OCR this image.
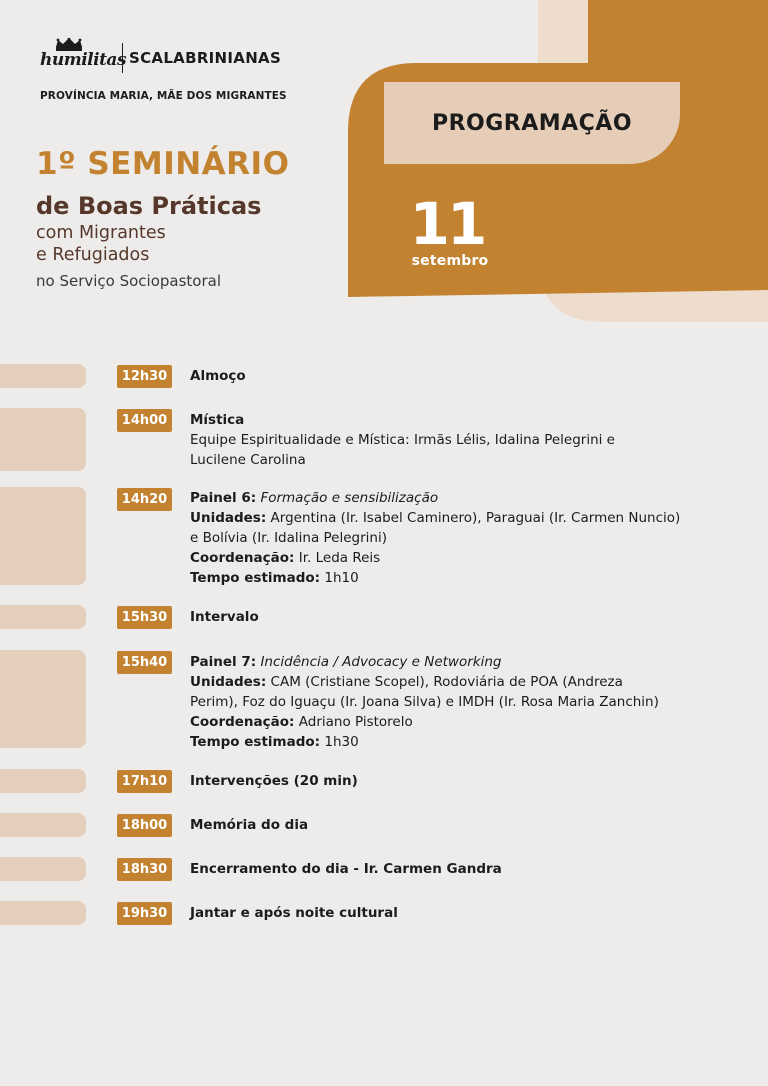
PROGRAMAÇÃO
11
setembro
humilitas SCALABRINIANAS
PROVÍNCIA MARIA, MÃE DOS MIGRANTES
1º SEMINÁRIO
de Boas Práticas
com Migrantes
e Refugiados
no Serviço Sociopastoral
12h30	Almoço
14h00	Mística
Equipe Espiritualidade e Mística: Irmãs Lélis, Idalina Pelegrini e
Lucilene Carolina
14h20	Painel 6: Formação e sensibilização
Unidades: Argentina (Ir. Isabel Caminero), Paraguai (Ir. Carmen Nuncio)
e Bolívia (Ir. Idalina Pelegrini)
Coordenação: Ir. Leda Reis
Tempo estimado: 1h10
15h30	Intervalo
15h40	Painel 7: Incidência / Advocacy e Networking
Unidades: CAM (Cristiane Scopel), Rodoviária de POA (Andreza
Perim), Foz do Iguaçu (Ir. Joana Silva) e IMDH (Ir. Rosa Maria Zanchin)
Coordenação: Adriano Pistorelo
Tempo estimado: 1h30
17h10	Intervenções (20 min)
18h00	Memória do dia
18h30	Encerramento do dia - Ir. Carmen Gandra
19h30	Jantar e após noite cultural
